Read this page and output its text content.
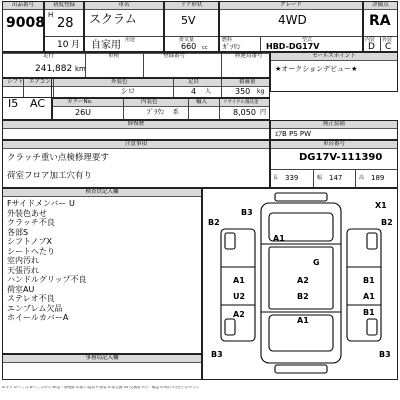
出品番号
9008
初度登録
H
28
10 月
車名
スクラム
用途
自家用
ドア形状
5V
排気量
660 cc
グレード
4WD
燃料
ｶﾞｿﾘﾝ
型式
HBD-DG17V
評価点
RA
内装 外装
D C
走行	車検	登録番号	陸運局番号
241,882 km
セールスポイント
★オークションデビュー★
シフト エアコン	外装色	定員	積載量
シロ	4 人	350 kg
I5 AC	カラーNo.	内装色	輸入	リサイクル預託金
26U	ﾌﾞﾗｳﾝ 系	8,050 円
修復歴	純正装備
ｴｱB PS PW
注意事項
クラッチ重い点検修理要す
荷室フロア加工穴有り
車台番号
DG17V-111390
長 339	幅 147	高 189
検査員記入欄
Fサイドメンバー U
外装色あせ
クラッチ不良
各部S
シフトノブX
シートへたり
室内汚れ
天張汚れ
ハンドルグリップ不良
荷室AU
ステレオ不良
エンブレム欠品
ホイールカバーA
B3
X1
B2	B2
A1
G
A2
A1	B1
U2	B2
A2
A1
B1
A1
B3	B3
事務局記入欄
A:キズ U:へこみ B:へこみキズ W:歪・修理跡 S:錆 C:腐食 P:塗装 X:要交換 XX:交換済 Y:穴・亀裂 G:飛石 E:凹凸 Ⓐ:ポスト
